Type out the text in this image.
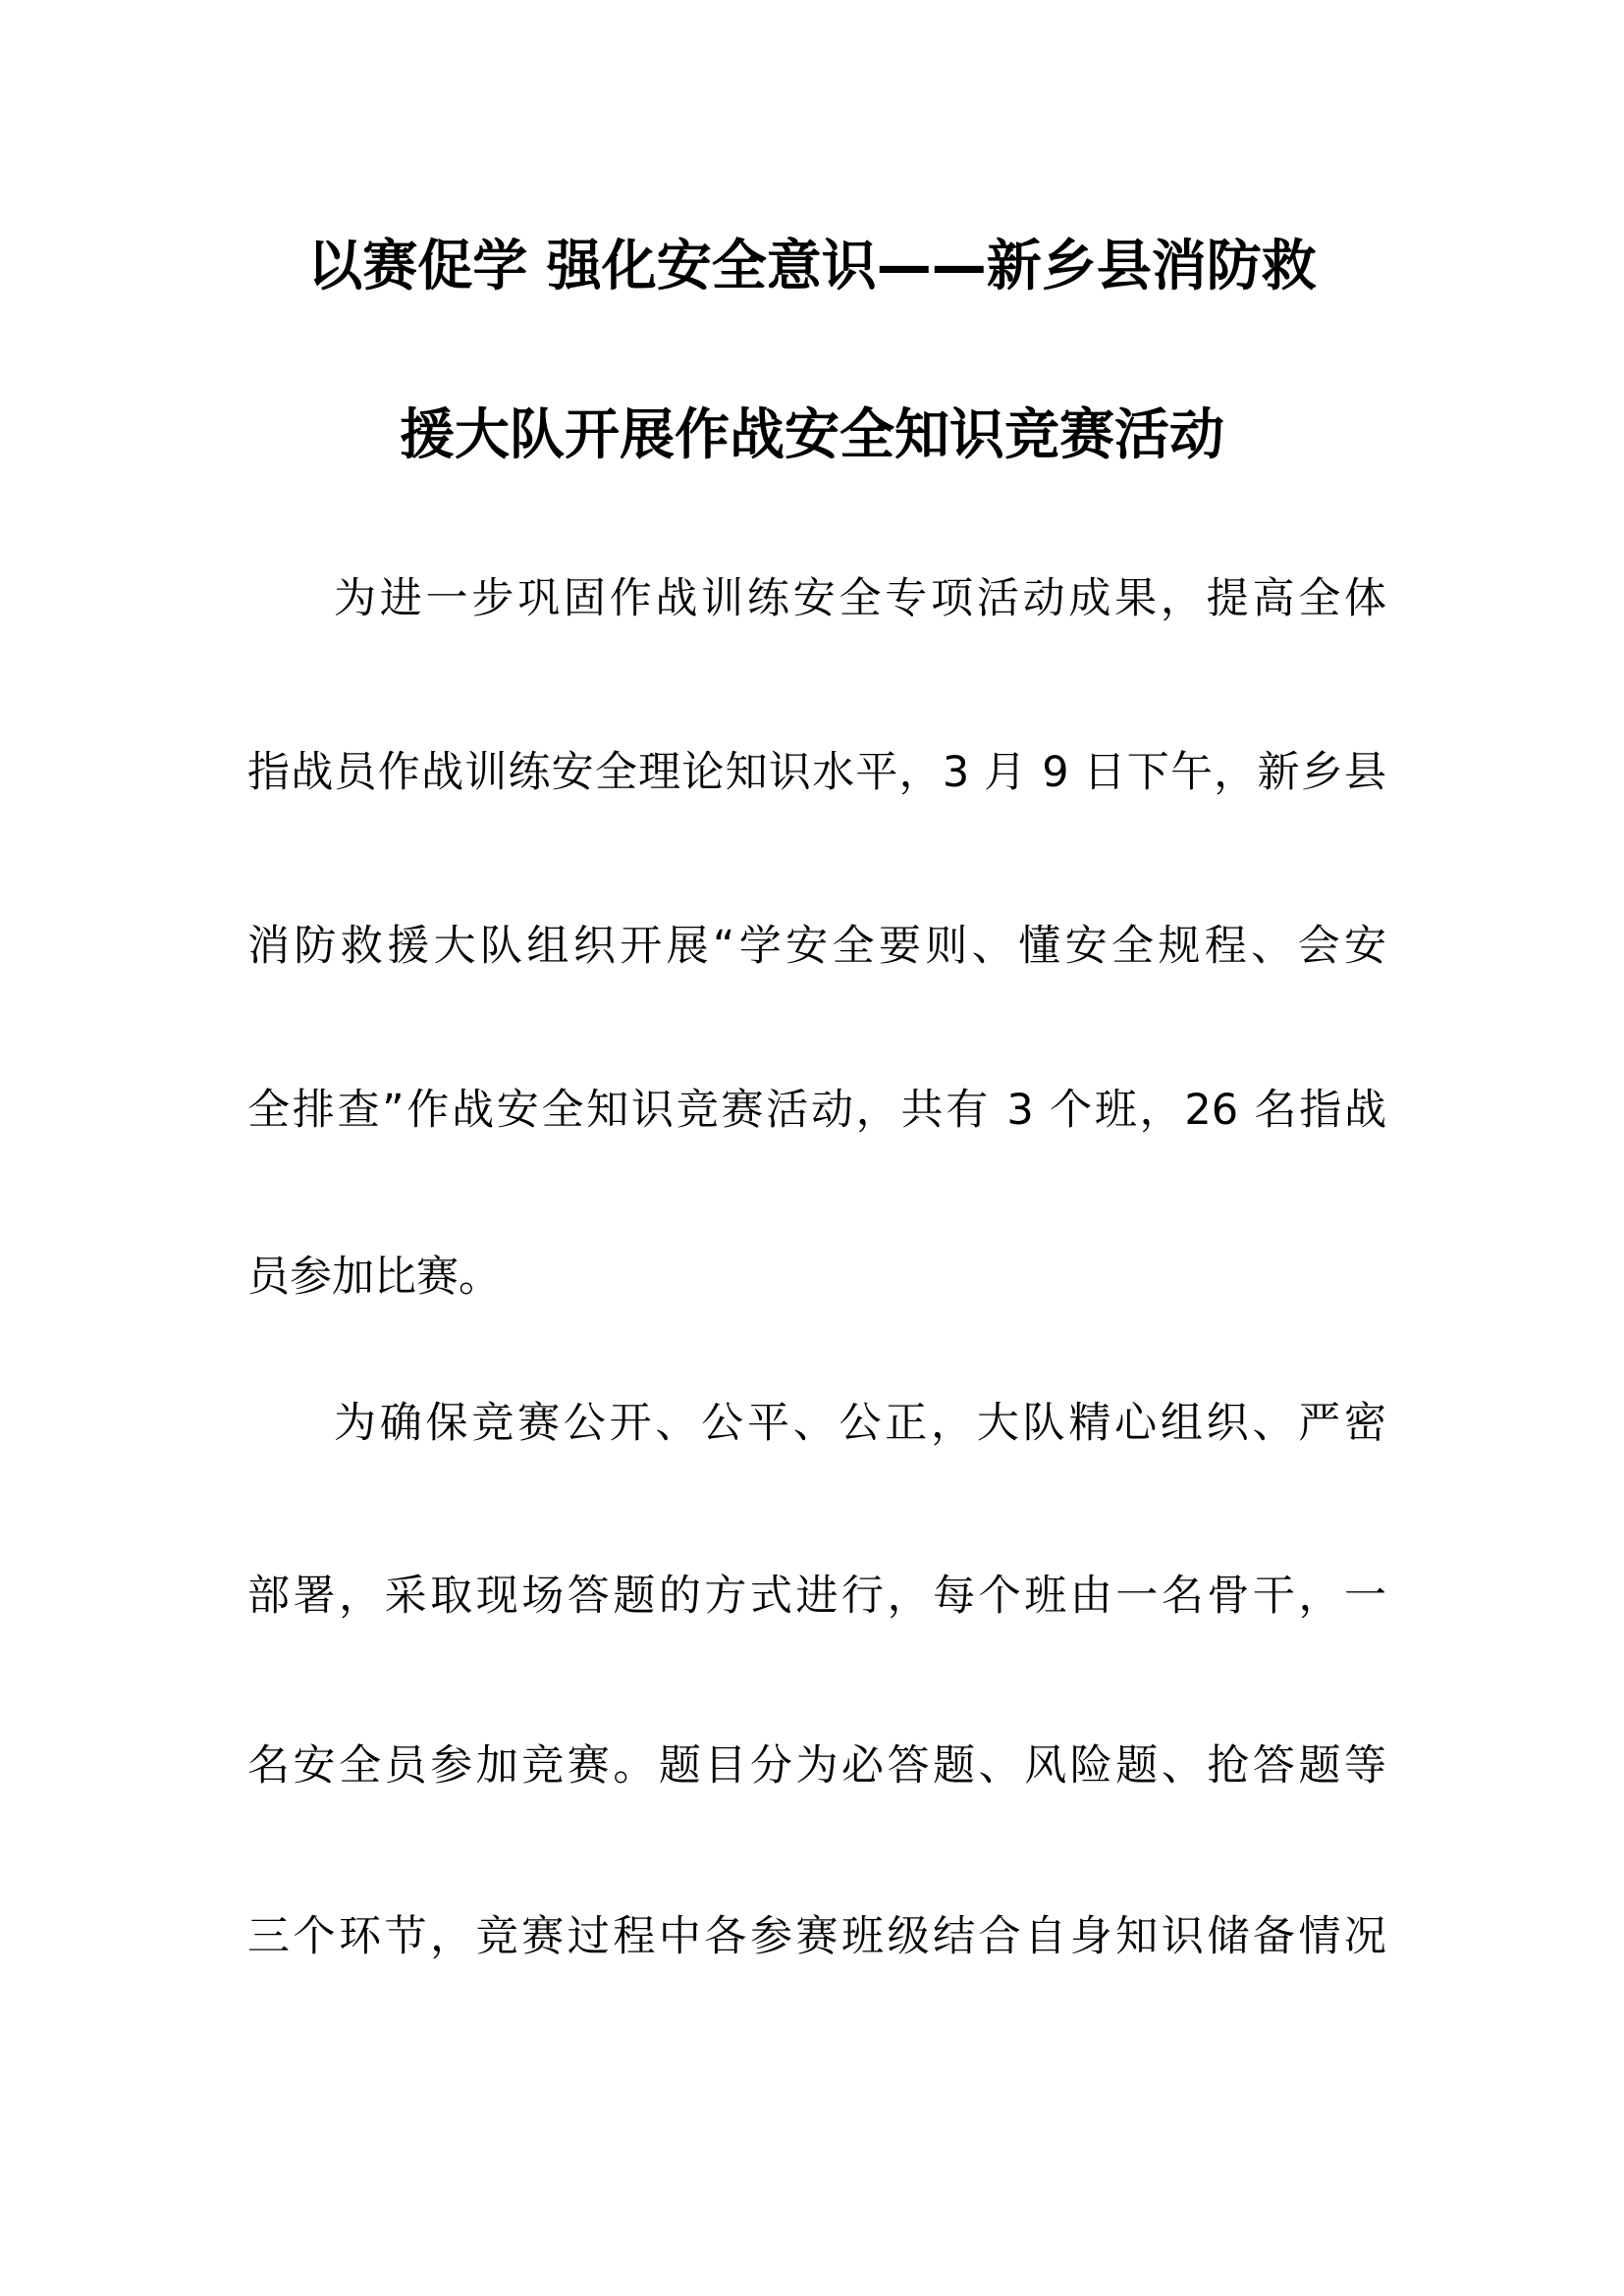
以赛促学 强化安全意识——新乡县消防救
援大队开展作战安全知识竞赛活动
为进一步巩固作战训练安全专项活动成果，提高全体
指战员作战训练安全理论知识水平，3 月 9 日下午，新乡县
消防救援大队组织开展“学安全要则、懂安全规程、会安
全排查”作战安全知识竞赛活动，共有 3 个班，26 名指战
员参加比赛。
为确保竞赛公开、公平、公正，大队精心组织、严密
部署，采取现场答题的方式进行，每个班由一名骨干，一
名安全员参加竞赛。题目分为必答题、风险题、抢答题等
三个环节，竞赛过程中各参赛班级结合自身知识储备情况
